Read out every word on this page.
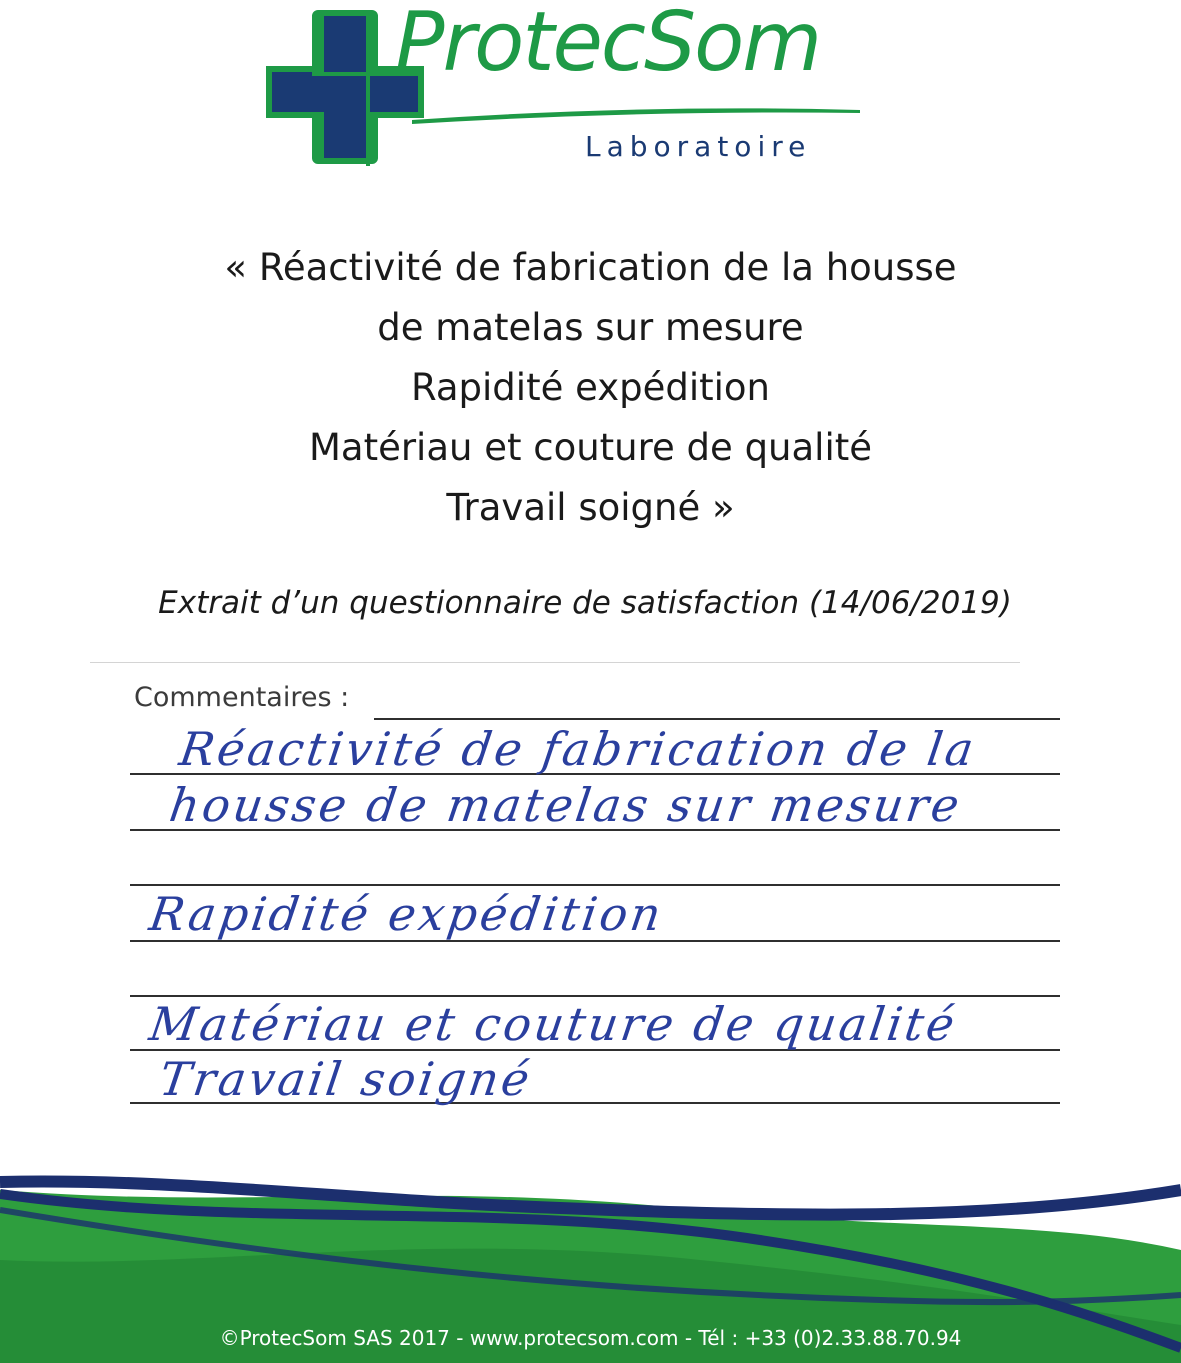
ProtecSom
Laboratoire
« Réactivité de fabrication de la housse
de matelas sur mesure
Rapidité expédition
Matériau et couture de qualité
Travail soigné »
Extrait d’un questionnaire de satisfaction (14/06/2019)
Commentaires :
Réactivité de fabrication de la
housse de matelas sur mesure
Rapidité expédition
Matériau et couture de qualité
Travail soigné
©ProtecSom SAS 2017 - www.protecsom.com - Tél : +33 (0)2.33.88.70.94
